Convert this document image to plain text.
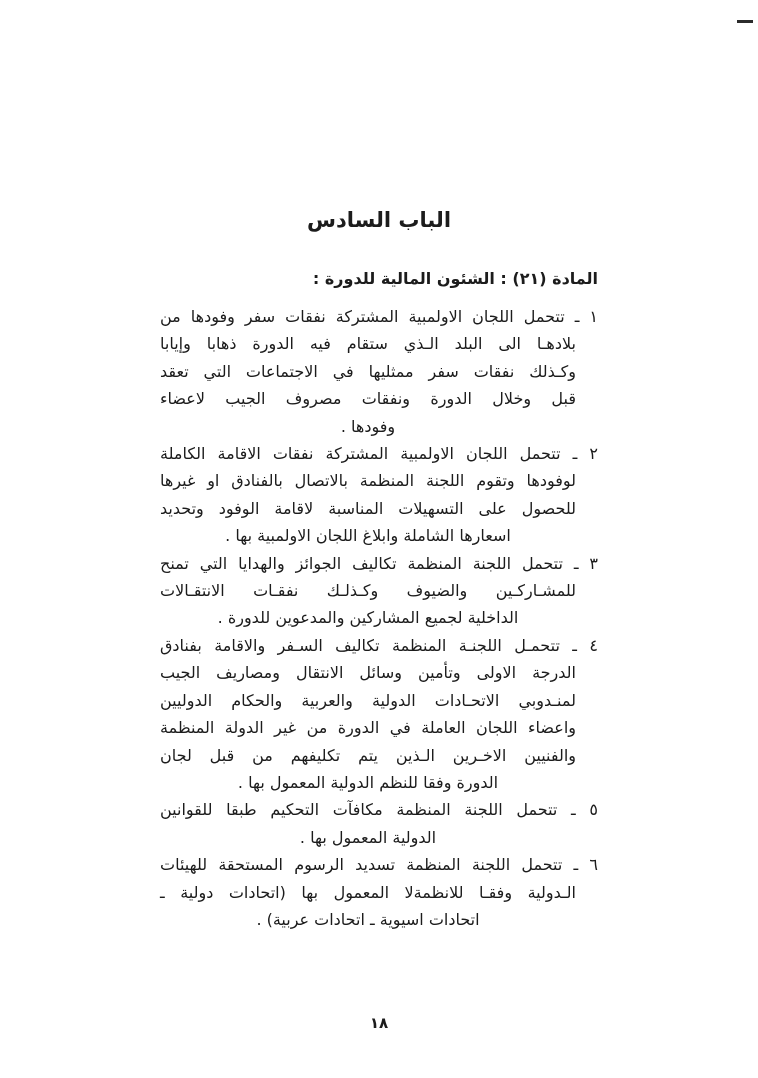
الباب السادس
المادة (٢١) : الشئون المالية للدورة :
١ ـ تتحمل اللجان الاولمبية المشتركة نفقات سفر وفودها من
بلادهـا الى البلد الـذي ستقام فيه الدورة ذهابا وإيابا
وكـذلك نفقات سفر ممثليها في الاجتماعات التي تعقد
قبل وخلال الدورة ونفقات مصروف الجيب لاعضاء
وفودها .
٢ ـ تتحمل اللجان الاولمبية المشتركة نفقات الاقامة الكاملة
لوفودها وتقوم اللجنة المنظمة بالاتصال بالفنادق او غيرها
للحصول على التسهيلات المناسبة لاقامة الوفود وتحديد
اسعارها الشاملة وابلاغ اللجان الاولمبية بها .
٣ ـ تتحمل اللجنة المنظمة تكاليف الجوائز والهدايا التي تمنح
للمشـاركـين والضيوف وكـذلـك نفقـات الانتقـالات
الداخلية لجميع المشاركين والمدعوين للدورة .
٤ ـ تتحمـل اللجنـة المنظمة تكاليف السـفر والاقامة بفنادق
الدرجة الاولى وتأمين وسائل الانتقال ومصاريف الجيب
لمنـدوبي الاتحـادات الدولية والعربية والحكام الدوليين
واعضاء اللجان العاملة في الدورة من غير الدولة المنظمة
والفنيين الاخـرين الـذين يتم تكليفهم من قبل لجان
الدورة وفقا للنظم الدولية المعمول بها .
٥ ـ تتحمل اللجنة المنظمة مكافآت التحكيم طبقا للقوانين
الدولية المعمول بها .
٦ ـ تتحمل اللجنة المنظمة تسديد الرسوم المستحقة للهيئات
الـدولية وفقـا للانظمةلا المعمول بها (اتحادات دولية ـ
اتحادات اسيوية ـ اتحادات عربية) .
١٨
